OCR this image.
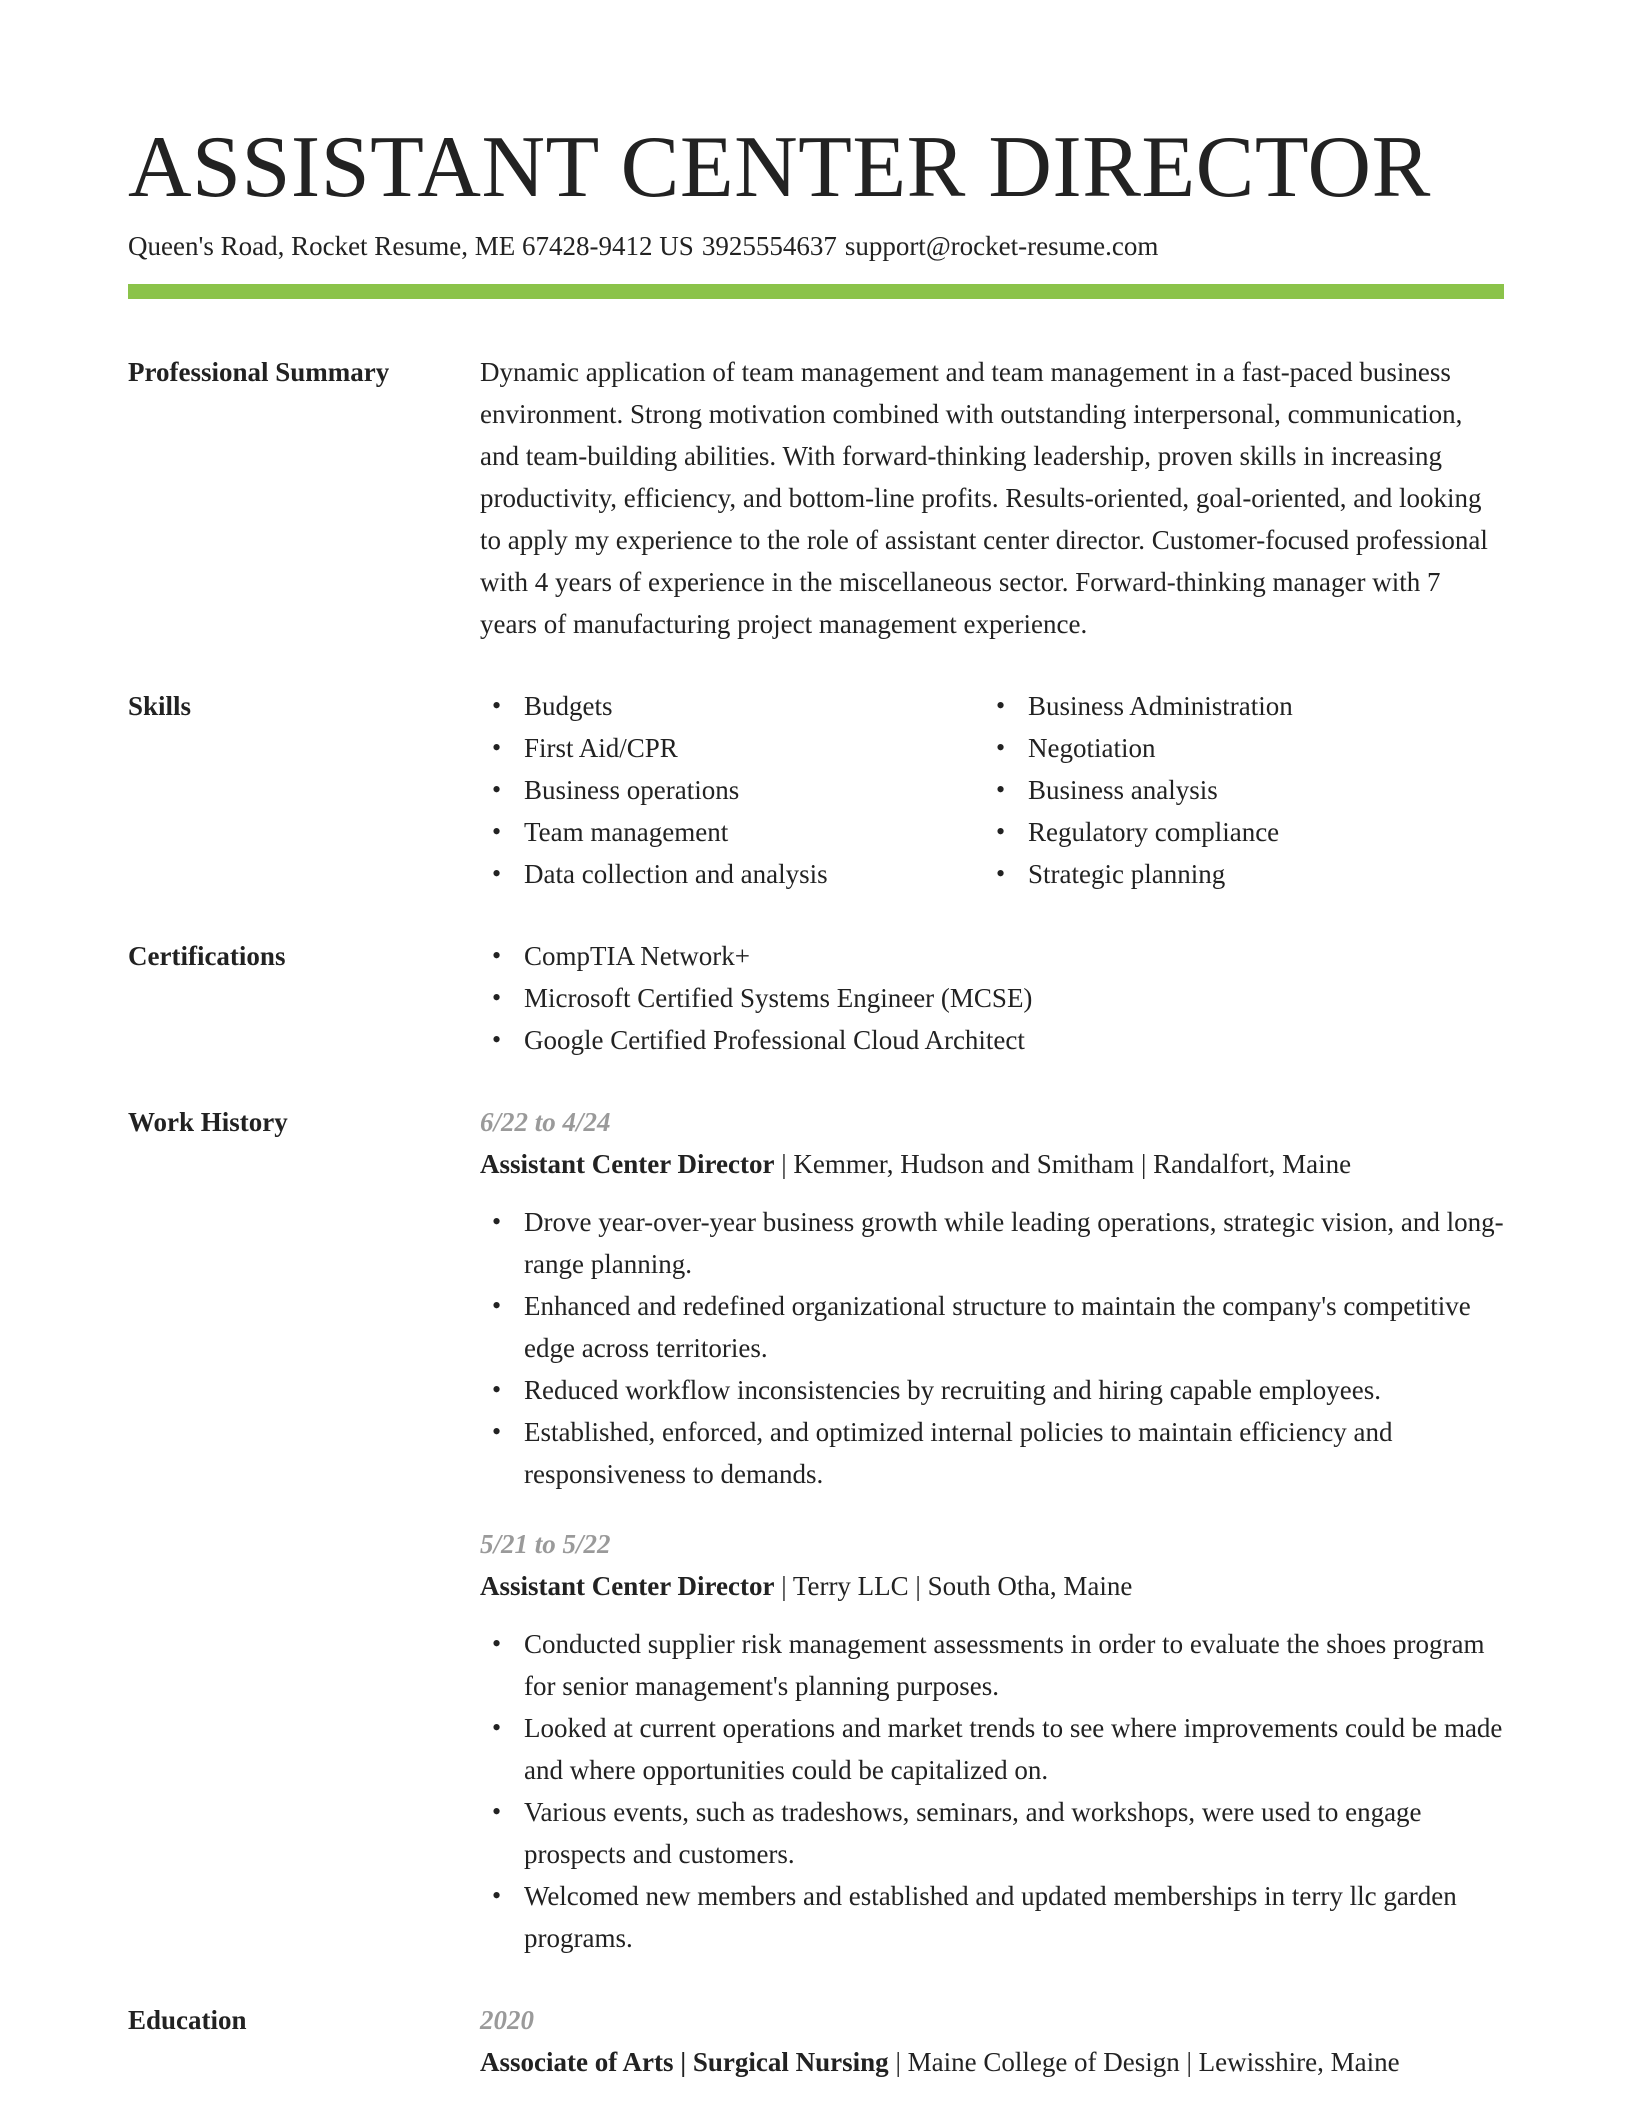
ASSISTANT CENTER DIRECTOR
Queen's Road, Rocket Resume, ME 67428-9412 US 3925554637 support@rocket-resume.com
Professional Summary	Dynamic application of team management and team management in a fast-paced business environment. Strong motivation combined with outstanding interpersonal, communication, and team-building abilities. With forward-thinking leadership, proven skills in increasing productivity, efficiency, and bottom-line profits. Results-oriented, goal-oriented, and looking to apply my experience to the role of assistant center director. Customer-focused professional with 4 years of experience in the miscellaneous sector. Forward-thinking manager with 7 years of manufacturing project management experience.
Skills	• Budgets
• First Aid/CPR
• Business operations
• Team management
• Data collection and analysis
• Business Administration
• Negotiation
• Business analysis
• Regulatory compliance
• Strategic planning
Certifications	• CompTIA Network+
• Microsoft Certified Systems Engineer (MCSE)
• Google Certified Professional Cloud Architect
Work History	6/22 to 4/24
Assistant Center Director | Kemmer, Hudson and Smitham | Randalfort, Maine
• Drove year-over-year business growth while leading operations, strategic vision, and long-range planning.
• Enhanced and redefined organizational structure to maintain the company's competitive edge across territories.
• Reduced workflow inconsistencies by recruiting and hiring capable employees.
• Established, enforced, and optimized internal policies to maintain efficiency and responsiveness to demands.
5/21 to 5/22
Assistant Center Director | Terry LLC | South Otha, Maine
• Conducted supplier risk management assessments in order to evaluate the shoes program for senior management's planning purposes.
• Looked at current operations and market trends to see where improvements could be made and where opportunities could be capitalized on.
• Various events, such as tradeshows, seminars, and workshops, were used to engage prospects and customers.
• Welcomed new members and established and updated memberships in terry llc garden programs.
Education	2020
Associate of Arts | Surgical Nursing | Maine College of Design | Lewisshire, Maine
